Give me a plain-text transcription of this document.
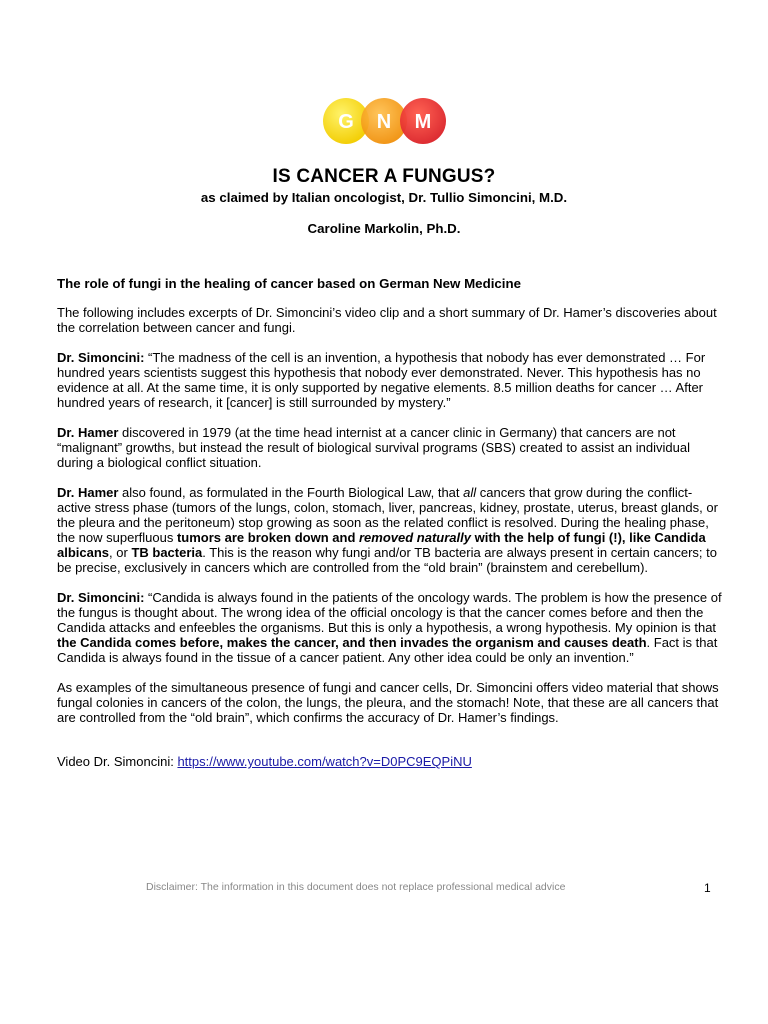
G N M
IS CANCER A FUNGUS?
as claimed by Italian oncologist, Dr. Tullio Simoncini, M.D.
Caroline Markolin, Ph.D.

The role of fungi in the healing of cancer based on German New Medicine

The following includes excerpts of Dr. Simoncini’s video clip and a short summary of Dr. Hamer’s discoveries about the correlation between cancer and fungi.

Dr. Simoncini: “The madness of the cell is an invention, a hypothesis that nobody has ever demonstrated … For hundred years scientists suggest this hypothesis that nobody ever demonstrated. Never. This hypothesis has no evidence at all. At the same time, it is only supported by negative elements. 8.5 million deaths for cancer … After hundred years of research, it [cancer] is still surrounded by mystery.”

Dr. Hamer discovered in 1979 (at the time head internist at a cancer clinic in Germany) that cancers are not “malignant” growths, but instead the result of biological survival programs (SBS) created to assist an individual during a biological conflict situation.

Dr. Hamer also found, as formulated in the Fourth Biological Law, that all cancers that grow during the conflict-active stress phase (tumors of the lungs, colon, stomach, liver, pancreas, kidney, prostate, uterus, breast glands, or the pleura and the peritoneum) stop growing as soon as the related conflict is resolved. During the healing phase, the now superfluous tumors are broken down and removed naturally with the help of fungi (!), like Candida albicans, or TB bacteria. This is the reason why fungi and/or TB bacteria are always present in certain cancers; to be precise, exclusively in cancers which are controlled from the “old brain” (brainstem and cerebellum).

Dr. Simoncini: “Candida is always found in the patients of the oncology wards. The problem is how the presence of the fungus is thought about. The wrong idea of the official oncology is that the cancer comes before and then the Candida attacks and enfeebles the organisms. But this is only a hypothesis, a wrong hypothesis. My opinion is that the Candida comes before, makes the cancer, and then invades the organism and causes death. Fact is that Candida is always found in the tissue of a cancer patient. Any other idea could be only an invention.”

As examples of the simultaneous presence of fungi and cancer cells, Dr. Simoncini offers video material that shows fungal colonies in cancers of the colon, the lungs, the pleura, and the stomach! Note, that these are all cancers that are controlled from the “old brain”, which confirms the accuracy of Dr. Hamer’s findings.

Video Dr. Simoncini: https://www.youtube.com/watch?v=D0PC9EQPiNU

Disclaimer: The information in this document does not replace professional medical advice	1
